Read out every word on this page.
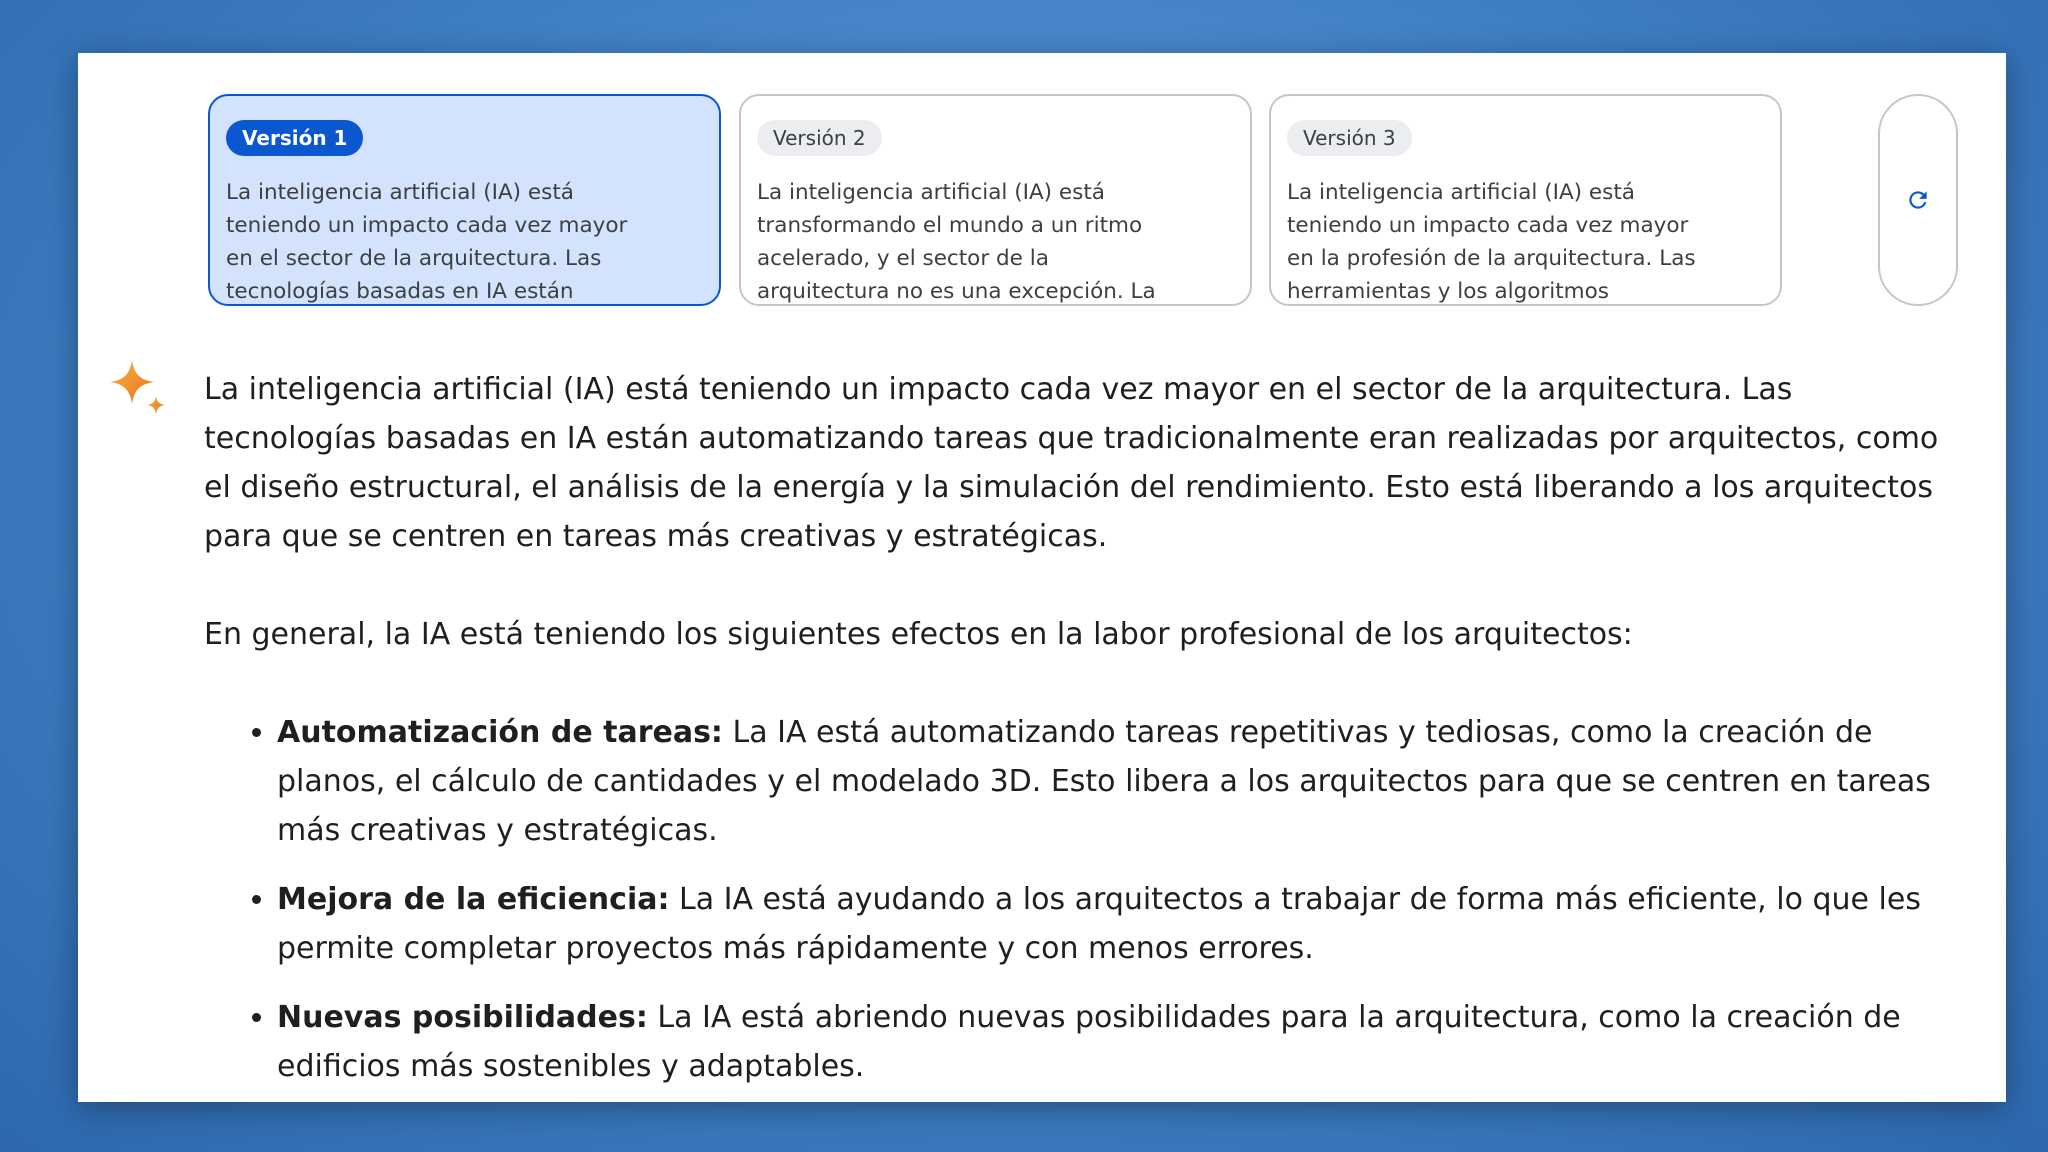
Versión 1

La inteligencia artificial (IA) está
teniendo un impacto cada vez mayor
en el sector de la arquitectura. Las
tecnologías basadas en IA están

Versión 2

La inteligencia artificial (IA) está
transformando el mundo a un ritmo
acelerado, y el sector de la
arquitectura no es una excepción. La

Versión 3

La inteligencia artificial (IA) está
teniendo un impacto cada vez mayor
en la profesión de la arquitectura. Las
herramientas y los algoritmos

La inteligencia artificial (IA) está teniendo un impacto cada vez mayor en el sector de la arquitectura. Las tecnologías basadas en IA están automatizando tareas que tradicionalmente eran realizadas por arquitectos, como el diseño estructural, el análisis de la energía y la simulación del rendimiento. Esto está liberando a los arquitectos para que se centren en tareas más creativas y estratégicas.

En general, la IA está teniendo los siguientes efectos en la labor profesional de los arquitectos:

• Automatización de tareas: La IA está automatizando tareas repetitivas y tediosas, como la creación de planos, el cálculo de cantidades y el modelado 3D. Esto libera a los arquitectos para que se centren en tareas más creativas y estratégicas.
• Mejora de la eficiencia: La IA está ayudando a los arquitectos a trabajar de forma más eficiente, lo que les permite completar proyectos más rápidamente y con menos errores.
• Nuevas posibilidades: La IA está abriendo nuevas posibilidades para la arquitectura, como la creación de edificios más sostenibles y adaptables.
